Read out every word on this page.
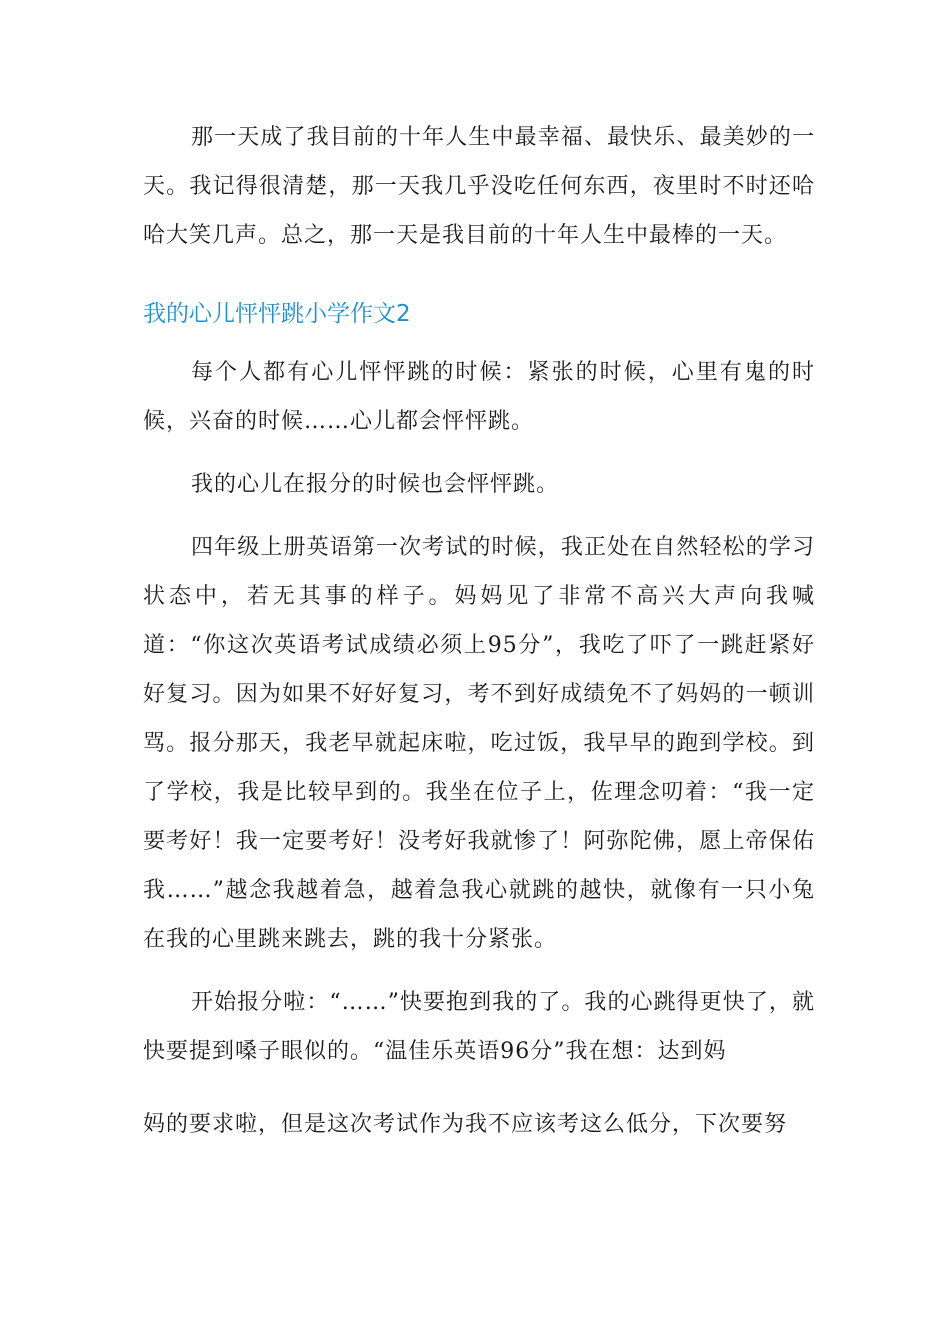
那一天成了我目前的十年人生中最幸福、最快乐、最美妙的一天。我记得很清楚，那一天我几乎没吃任何东西，夜里时不时还哈哈大笑几声。总之，那一天是我目前的十年人生中最棒的一天。

我的心儿怦怦跳小学作文2

每个人都有心儿怦怦跳的时候：紧张的时候，心里有鬼的时候，兴奋的时候……心儿都会怦怦跳。

我的心儿在报分的时候也会怦怦跳。

四年级上册英语第一次考试的时候，我正处在自然轻松的学习状态中，若无其事的样子。妈妈见了非常不高兴大声向我喊道：“你这次英语考试成绩必须上95分”，我吃了吓了一跳赶紧好好复习。因为如果不好好复习，考不到好成绩免不了妈妈的一顿训骂。报分那天，我老早就起床啦，吃过饭，我早早的跑到学校。到了学校，我是比较早到的。我坐在位子上，佐理念叨着：“我一定要考好！我一定要考好！没考好我就惨了！阿弥陀佛，愿上帝保佑我……”越念我越着急，越着急我心就跳的越快，就像有一只小兔在我的心里跳来跳去，跳的我十分紧张。

开始报分啦：“……”快要抱到我的了。我的心跳得更快了，就快要提到嗓子眼似的。“温佳乐英语96分”我在想：达到妈

妈的要求啦，但是这次考试作为我不应该考这么低分，下次要努
